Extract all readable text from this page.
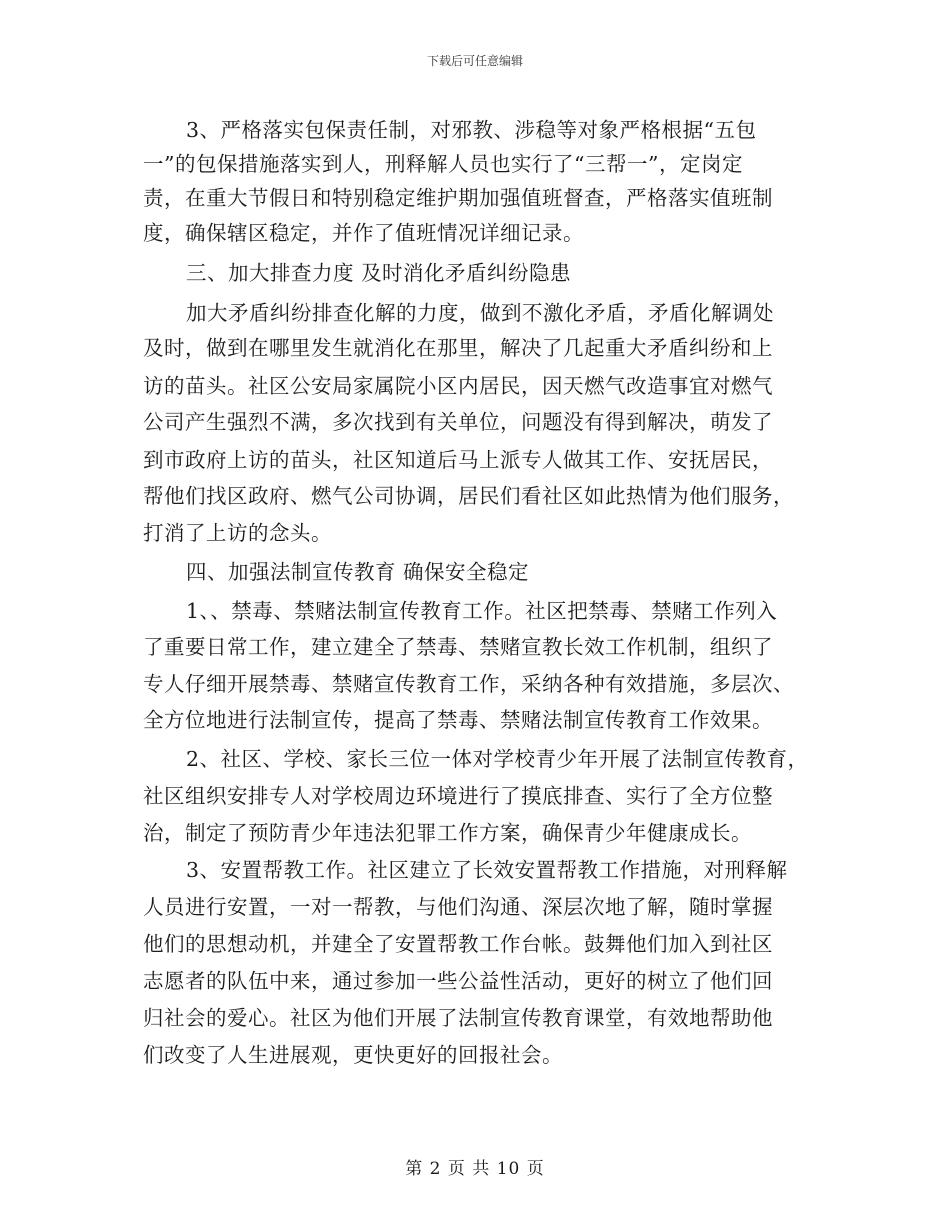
下载后可任意编辑
3、严格落实包保责任制，对邪教、涉稳等对象严格根据“五包
一”的包保措施落实到人，刑释解人员也实行了“三帮一”，定岗定
责，在重大节假日和特别稳定维护期加强值班督查，严格落实值班制
度，确保辖区稳定，并作了值班情况详细记录。
三、加大排查力度 及时消化矛盾纠纷隐患
加大矛盾纠纷排查化解的力度，做到不激化矛盾，矛盾化解调处
及时，做到在哪里发生就消化在那里，解决了几起重大矛盾纠纷和上
访的苗头。社区公安局家属院小区内居民，因天燃气改造事宜对燃气
公司产生强烈不满，多次找到有关单位，问题没有得到解决，萌发了
到市政府上访的苗头，社区知道后马上派专人做其工作、安抚居民，
帮他们找区政府、燃气公司协调，居民们看社区如此热情为他们服务，
打消了上访的念头。
四、加强法制宣传教育 确保安全稳定
1、、禁毒、禁赌法制宣传教育工作。社区把禁毒、禁赌工作列入
了重要日常工作，建立建全了禁毒、禁赌宣教长效工作机制，组织了
专人仔细开展禁毒、禁赌宣传教育工作，采纳各种有效措施，多层次、
全方位地进行法制宣传，提高了禁毒、禁赌法制宣传教育工作效果。
2、社区、学校、家长三位一体对学校青少年开展了法制宣传教育，
社区组织安排专人对学校周边环境进行了摸底排查、实行了全方位整
治，制定了预防青少年违法犯罪工作方案，确保青少年健康成长。
3、安置帮教工作。社区建立了长效安置帮教工作措施，对刑释解
人员进行安置，一对一帮教，与他们沟通、深层次地了解，随时掌握
他们的思想动机，并建全了安置帮教工作台帐。鼓舞他们加入到社区
志愿者的队伍中来，通过参加一些公益性活动，更好的树立了他们回
归社会的爱心。社区为他们开展了法制宣传教育课堂，有效地帮助他
们改变了人生进展观，更快更好的回报社会。
第 2 页 共 10 页
